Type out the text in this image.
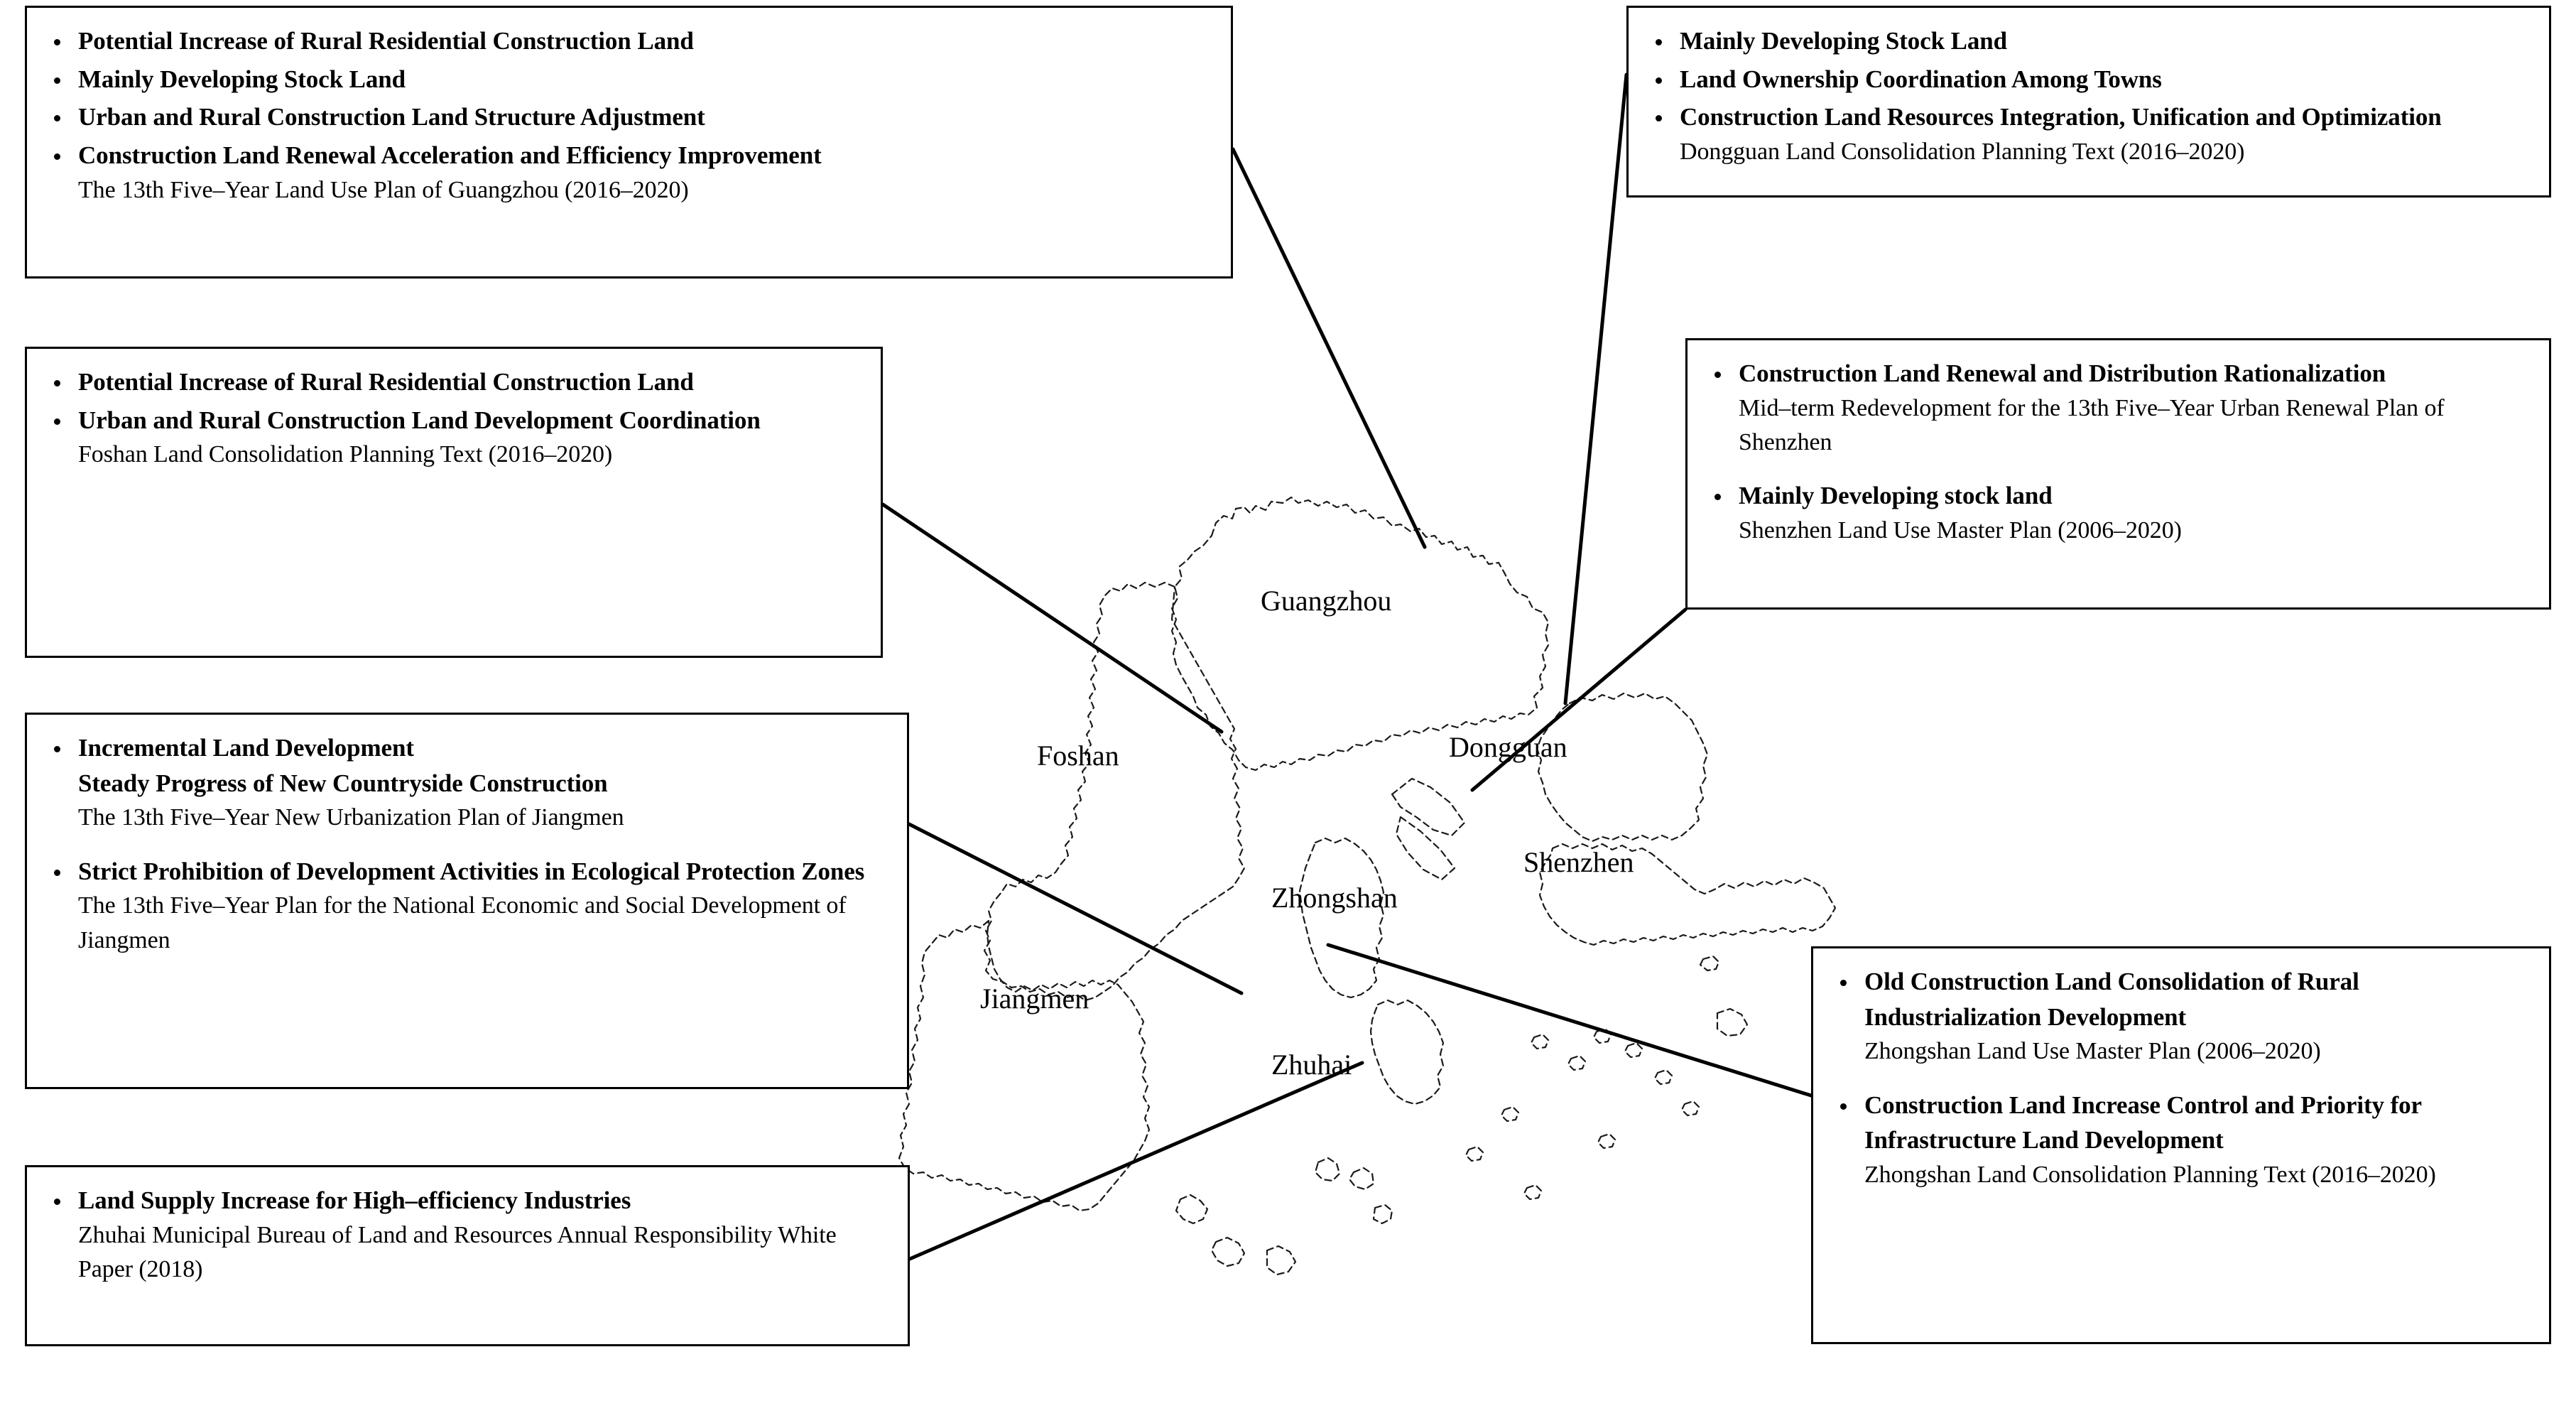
Guangzhou
Foshan	Dongguan
Shenzhen
Zhongshan
Jiangmen
Zhuhai
Potential Increase of Rural Residential Construction Land
Mainly Developing Stock Land
Urban and Rural Construction Land Structure Adjustment
Construction Land Renewal Acceleration and Efficiency Improvement
The 13th Five–Year Land Use Plan of Guangzhou (2016–2020)
Mainly Developing Stock Land
Land Ownership Coordination Among Towns
Construction Land Resources Integration, Unification and Optimization
Dongguan Land Consolidation Planning Text (2016–2020)
Potential Increase of Rural Residential Construction Land
Urban and Rural Construction Land Development Coordination
Foshan Land Consolidation Planning Text (2016–2020)
Construction Land Renewal and Distribution Rationalization
Mid–term Redevelopment for the 13th Five–Year Urban Renewal Plan of Shenzhen
Mainly Developing stock land
Shenzhen Land Use Master Plan (2006–2020)
Incremental Land Development
Steady Progress of New Countryside Construction
The 13th Five–Year New Urbanization Plan of Jiangmen
Strict Prohibition of Development Activities in Ecological Protection Zones
The 13th Five–Year Plan for the National Economic and Social Development of Jiangmen
Land Supply Increase for High–efficiency Industries
Zhuhai Municipal Bureau of Land and Resources Annual Responsibility White Paper (2018)
Old Construction Land Consolidation of Rural Industrialization Development
Zhongshan Land Use Master Plan (2006–2020)
Construction Land Increase Control and Priority for Infrastructure Land Development
Zhongshan Land Consolidation Planning Text (2016–2020)
